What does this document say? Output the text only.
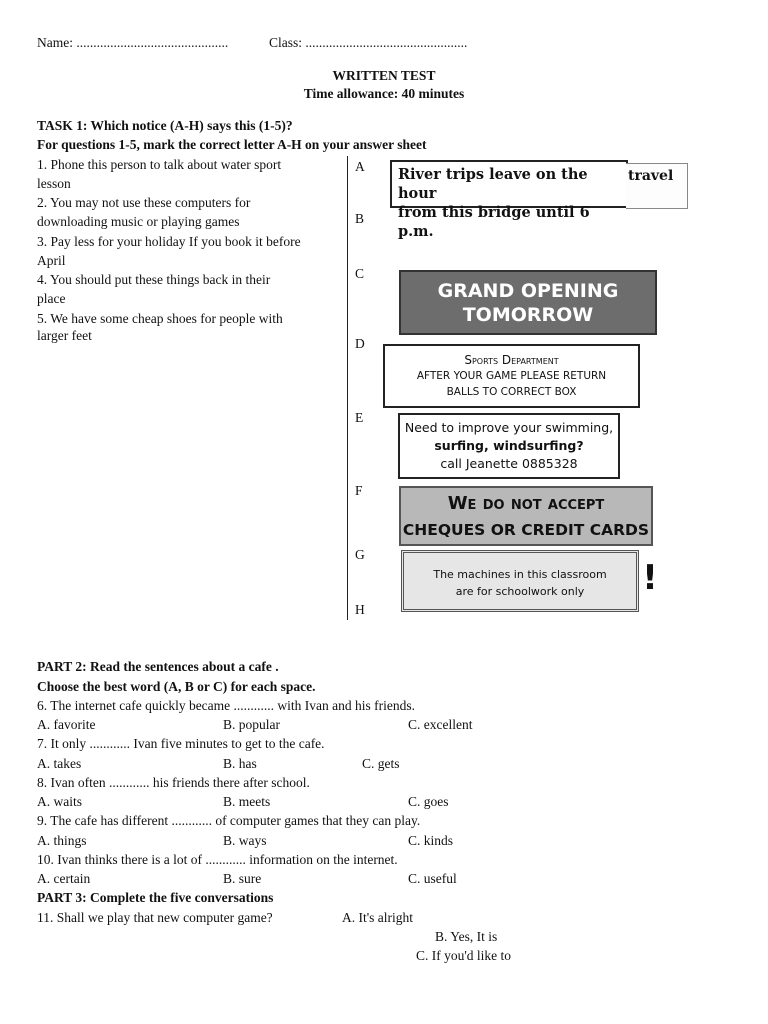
Name: .............................................	Class: ................................................
WRITTEN TEST
Time allowance: 40 minutes
TASK 1: Which notice (A-H) says this (1-5)?
For questions 1-5, mark the correct letter A-H on your answer sheet
1. Phone this person to talk about water sport
lesson
2. You may not use these computers for
downloading music or playing games
3. Pay less for your holiday If you book it before
April
4. You should put these things back in their
place
5. We have some cheap shoes for people with
larger feet
A
B
C
D
E
F
G
H
River trips leave on the hour
from this bridge until 6 p.m.
travel
GRAND OPENING
TOMORROW
Sports Department
AFTER YOUR GAME PLEASE RETURN
BALLS TO CORRECT BOX
Need to improve your swimming,
surfing, windsurfing?
call Jeanette 0885328
We do not accept
CHEQUES OR CREDIT CARDS
The machines in this classroom
are for schoolwork only	!
PART 2: Read the sentences about a cafe .
Choose the best word (A, B or C) for each space.
6. The internet cafe quickly became ............ with Ivan and his friends.
A. favorite	B. popular	C. excellent
7. It only ............ Ivan five minutes to get to the cafe.
A. takes	B. has	C. gets
8. Ivan often ............ his friends there after school.
A. waits	B. meets	C. goes
9. The cafe has different ............ of computer games that they can play.
A. things	B. ways	C. kinds
10. Ivan thinks there is a lot of ............ information on the internet.
A. certain	B. sure	C. useful
PART 3: Complete the five conversations
11. Shall we play that new computer game?	A. It's alright
B. Yes, It is
C. If you'd like to
